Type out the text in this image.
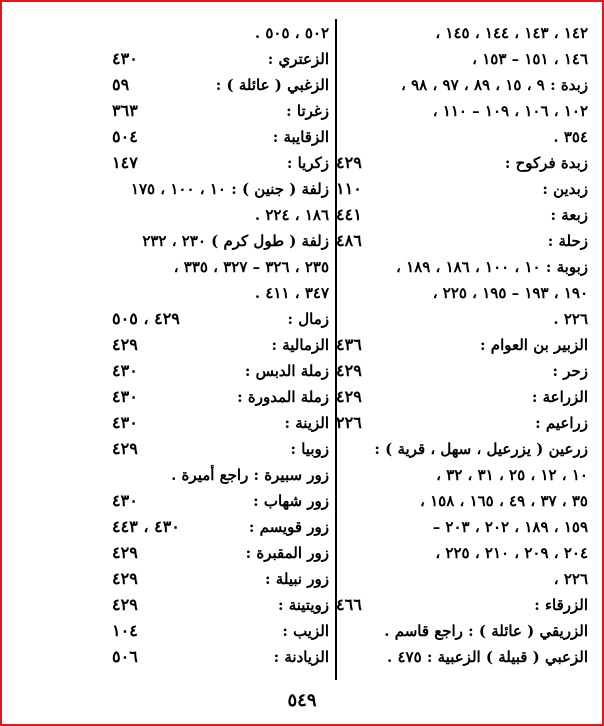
١٤٢ ، ١٤٣ ، ١٤٤ ، ١٤٥ ،
١٤٦ ، ١٥١ – ١٥٣ ،
زبدة : ٩ ، ١٥ ، ٨٩ ، ٩٧ ، ٩٨ ،
١٠٢ ، ١٠٦ ، ١٠٩ – ١١٠ ،
٣٥٤ .
زبدة فركوح :
٤٢٩
زبدين :
١١٠
زبعة :
٤٤١
زحلة :
٤٨٦
زبوبة : ١٠ ، ١٠٠ ، ١٨٦ ، ١٨٩ ،
١٩٠ ، ١٩٣ – ١٩٥ ، ٢٢٥ ،
٢٢٦ .
الزبير بن العوام :
٤٣٦
زحر :
٤٢٩
الزراعة :
٤٢٩
زراعيم :
٢٢٦
زرعين ( يزرعيل ، سهل ، قرية ) :
١٠ ، ١٢ ، ٢٥ ، ٣١ ، ٣٢ ،
٣٥ ، ٣٧ ، ٤٩ ، ١٦٥ ، ١٥٨ ،
١٥٩ ، ١٨٩ ، ٢٠٢ ، ٢٠٣ –
٢٠٤ ، ٢٠٩ ، ٢١٠ ، ٢٢٥ ،
٢٢٦ ،
الزرقاء :
٤٦٦
الزريقي ( عائلة ) : راجع قاسم .
الزعبي ( قبيلة ) الزعبية : ٤٧٥ .
٥٠٢ ، ٥٠٥ .
الزعتري :
٤٣٠
الزغبي ( عائلة ) :
٥٩
زغرتا :
٣٦٣
الزقايبة :
٥٠٤
زكريا :
١٤٧
زلفة ( جنين ) : ١٠ ، ١٠٠ ، ١٧٥
١٨٦ ، ٢٢٤ .
زلفة ( طول كرم ) ٢٣٠ ، ٢٣٢
٢٣٥ ، ٣٢٦ – ٣٢٧ ، ٣٣٥ ،
٣٤٧ ، ٤١١ .
زمال :
٤٢٩ ، ٥٠٥
الزمالية :
٤٢٩
زملة الدبس :
٤٣٠
زملة المدورة :
٤٣٠
الزينة :
٤٣٠
زوبيا :
٤٢٩
زور سبيرة : راجع أميرة .
زور شهاب :
٤٣٠
زور قويسم :
٤٣٠ ، ٤٤٣
زور المقبرة :
٤٢٩
زور نبيلة :
٤٢٩
زويتينة :
٤٢٩
الزيب :
١٠٤
الزيادنة :
٥٠٦
٥٤٩
